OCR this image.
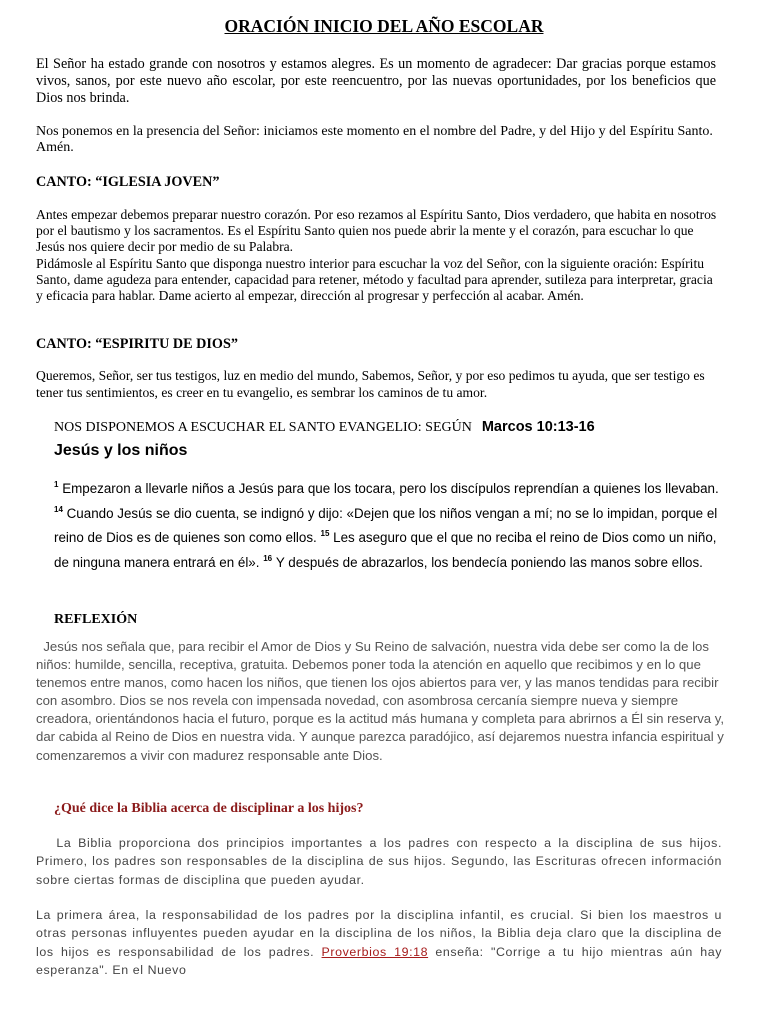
ORACIÓN INICIO DEL AÑO ESCOLAR
El Señor ha estado grande con nosotros y estamos alegres. Es un momento de agradecer: Dar gracias porque estamos vivos, sanos, por este nuevo año escolar, por este reencuentro, por las nuevas oportunidades, por los beneficios que Dios nos brinda.
Nos ponemos en la presencia del Señor: iniciamos este momento en el nombre del Padre, y del Hijo y del Espíritu Santo. Amén.
CANTO: “IGLESIA JOVEN”
Antes empezar debemos preparar nuestro corazón. Por eso rezamos al Espíritu Santo, Dios verdadero, que habita en nosotros por el bautismo y los sacramentos. Es el Espíritu Santo quien nos puede abrir la mente y el corazón, para escuchar lo que Jesús nos quiere decir por medio de su Palabra.
Pidámosle al Espíritu Santo que disponga nuestro interior para escuchar la voz del Señor, con la siguiente oración: Espíritu Santo, dame agudeza para entender, capacidad para retener, método y facultad para aprender, sutileza para interpretar, gracia y eficacia para hablar. Dame acierto al empezar, dirección al progresar y perfección al acabar. Amén.
CANTO: “ESPIRITU DE DIOS”
Queremos, Señor, ser tus testigos, luz en medio del mundo, Sabemos, Señor, y por eso pedimos tu ayuda, que ser testigo es tener tus sentimientos, es creer en tu evangelio, es sembrar los caminos de tu amor.
NOS DISPONEMOS A ESCUCHAR EL SANTO EVANGELIO: SEGÚN Marcos 10:13-16
Jesús y los niños
$^1$ Empezaron a llevarle niños a Jesús para que los tocara, pero los discípulos reprendían a quienes los llevaban. $^{14}$ Cuando Jesús se dio cuenta, se indignó y dijo: «Dejen que los niños vengan a mí; no se lo impidan, porque el reino de Dios es de quienes son como ellos. $^{15}$ Les aseguro que el que no reciba el reino de Dios como un niño, de ninguna manera entrará en él». $^{16}$ Y después de abrazarlos, los bendecía poniendo las manos sobre ellos.
REFLEXIÓN
Jesús nos señala que, para recibir el Amor de Dios y Su Reino de salvación, nuestra vida debe ser como la de los niños: humilde, sencilla, receptiva, gratuita. Debemos poner toda la atención en aquello que recibimos y en lo que tenemos entre manos, como hacen los niños, que tienen los ojos abiertos para ver, y las manos tendidas para recibir con asombro. Dios se nos revela con impensada novedad, con asombrosa cercanía siempre nueva y siempre creadora, orientándonos hacia el futuro, porque es la actitud más humana y completa para abrirnos a Él sin reserva y, dar cabida al Reino de Dios en nuestra vida. Y aunque parezca paradójico, así dejaremos nuestra infancia espiritual y comenzaremos a vivir con madurez responsable ante Dios.
¿Qué dice la Biblia acerca de disciplinar a los hijos?
La Biblia proporciona dos principios importantes a los padres con respecto a la disciplina de sus hijos. Primero, los padres son responsables de la disciplina de sus hijos. Segundo, las Escrituras ofrecen información sobre ciertas formas de disciplina que pueden ayudar.
La primera área, la responsabilidad de los padres por la disciplina infantil, es crucial. Si bien los maestros u otras personas influyentes pueden ayudar en la disciplina de los niños, la Biblia deja claro que la disciplina de los hijos es responsabilidad de los padres. Proverbios 19:18 enseña: "Corrige a tu hijo mientras aún hay esperanza". En el Nuevo
